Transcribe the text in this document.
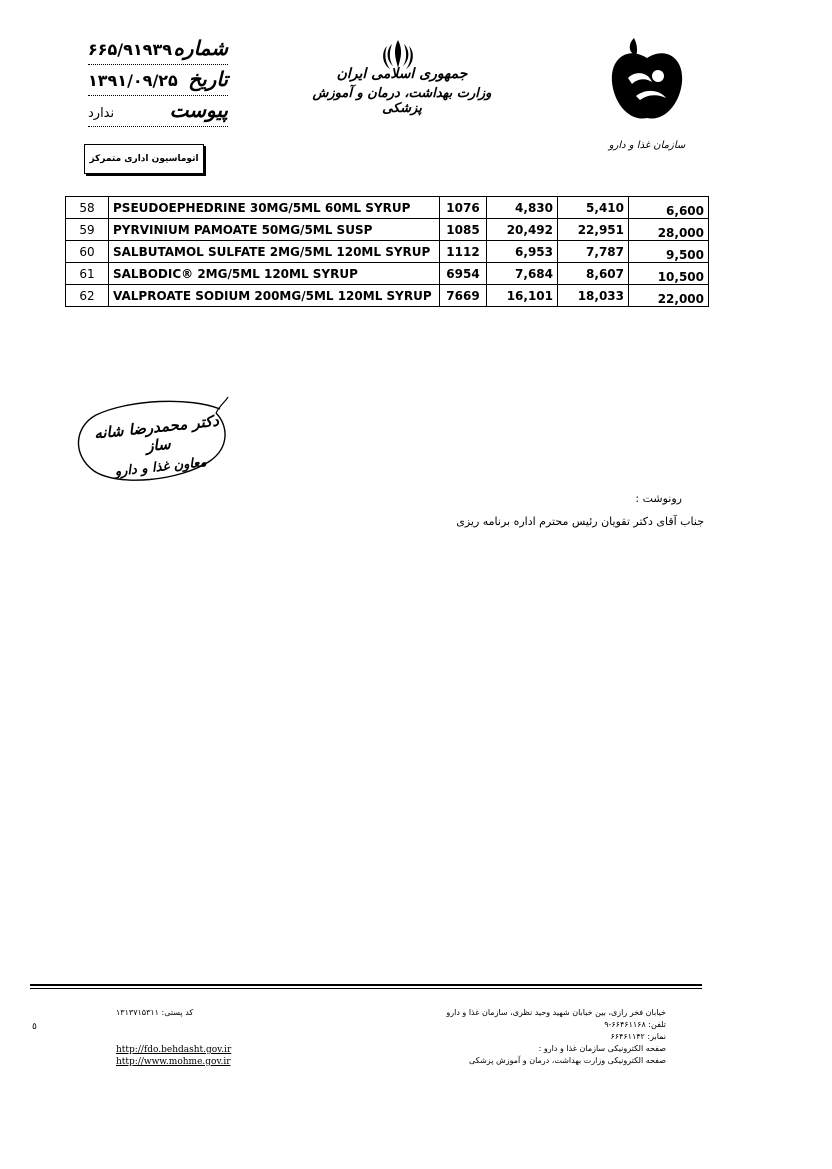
۶۶۵/۹۱۹۳۹ شماره
۱۳۹۱/۰۹/۲۵ تاریخ
ندارد	پیوست
اتوماسیون اداری متمرکز
جمهوری اسلامی ایران
وزارت بهداشت، درمان و آموزش پزشکی
سازمان غذا و دارو
58	PSEUDOEPHEDRINE 30MG/5ML 60ML SYRUP	1076	4,830	5,410	6,600
59	PYRVINIUM PAMOATE 50MG/5ML SUSP	1085	20,492	22,951	28,000
60	SALBUTAMOL SULFATE 2MG/5ML 120ML SYRUP	1112	6,953	7,787	9,500
61	SALBODIC® 2MG/5ML 120ML SYRUP	6954	7,684	8,607	10,500
62	VALPROATE SODIUM 200MG/5ML 120ML SYRUP	7669	16,101	18,033	22,000
دکتر محمدرضا شانه ساز
معاون غذا و دارو
رونوشت :
جناب آقای دکتر تقویان رئیس محترم اداره برنامه ریزی
خیابان فخر رازی، بین خیابان شهید وحید نظری، سازمان غذا و دارو
تلفن: ۶۶۴۶۱۱۶۸-۹
نمابر: ۶۶۴۶۱۱۴۲
صفحه الکترونیکی سازمان غذا و دارو :
صفحه الکترونیکی وزارت بهداشت، درمان و آموزش پزشکی
کد پستی: ۱۳۱۳۷۱۵۳۱۱
http://fdo.behdasht.gov.ir
http://www.mohme.gov.ir
٥
